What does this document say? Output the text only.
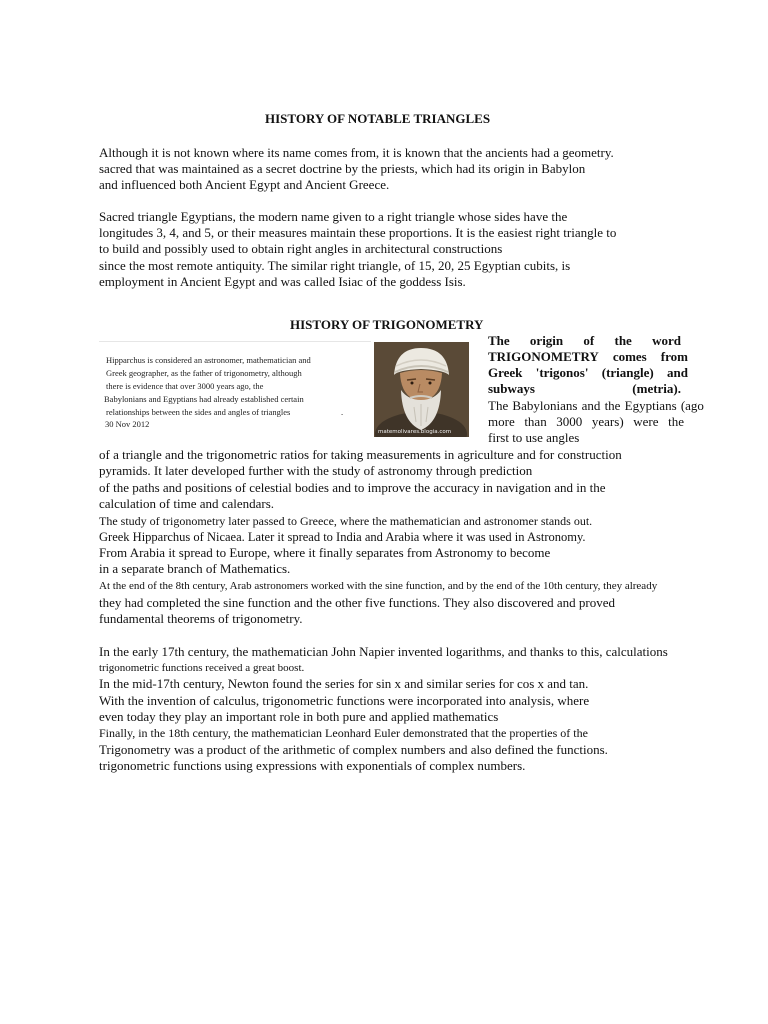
HISTORY OF NOTABLE TRIANGLES
Although it is not known where its name comes from, it is known that the ancients had a geometry.
sacred that was maintained as a secret doctrine by the priests, which had its origin in Babylon
and influenced both Ancient Egypt and Ancient Greece.
Sacred triangle Egyptians, the modern name given to a right triangle whose sides have the
longitudes 3, 4, and 5, or their measures maintain these proportions. It is the easiest right triangle to
to build and possibly used to obtain right angles in architectural constructions
since the most remote antiquity. The similar right triangle, of 15, 20, 25 Egyptian cubits, is
employment in Ancient Egypt and was called Isiac of the goddess Isis.
HISTORY OF TRIGONOMETRY
Hipparchus is considered an astronomer, mathematician and
Greek geographer, as the father of trigonometry, although
there is evidence that over 3000 years ago, the
Babylonians and Egyptians had already established certain
relationships between the sides and angles of triangles	.
30 Nov 2012
matemolivares.blogia.com
The origin of the word
TRIGONOMETRY comes from
Greek 'trigonos' (triangle) and
subways	(metria).
The Babylonians and the Egyptians (ago
more than 3000 years) were the
first to use angles
of a triangle and the trigonometric ratios for taking measurements in agriculture and for construction
pyramids. It later developed further with the study of astronomy through prediction
of the paths and positions of celestial bodies and to improve the accuracy in navigation and in the
calculation of time and calendars.
The study of trigonometry later passed to Greece, where the mathematician and astronomer stands out.
Greek Hipparchus of Nicaea. Later it spread to India and Arabia where it was used in Astronomy.
From Arabia it spread to Europe, where it finally separates from Astronomy to become
in a separate branch of Mathematics.
At the end of the 8th century, Arab astronomers worked with the sine function, and by the end of the 10th century, they already
they had completed the sine function and the other five functions. They also discovered and proved
fundamental theorems of trigonometry.
In the early 17th century, the mathematician John Napier invented logarithms, and thanks to this, calculations
trigonometric functions received a great boost.
In the mid-17th century, Newton found the series for sin x and similar series for cos x and tan.
With the invention of calculus, trigonometric functions were incorporated into analysis, where
even today they play an important role in both pure and applied mathematics
Finally, in the 18th century, the mathematician Leonhard Euler demonstrated that the properties of the
Trigonometry was a product of the arithmetic of complex numbers and also defined the functions.
trigonometric functions using expressions with exponentials of complex numbers.
